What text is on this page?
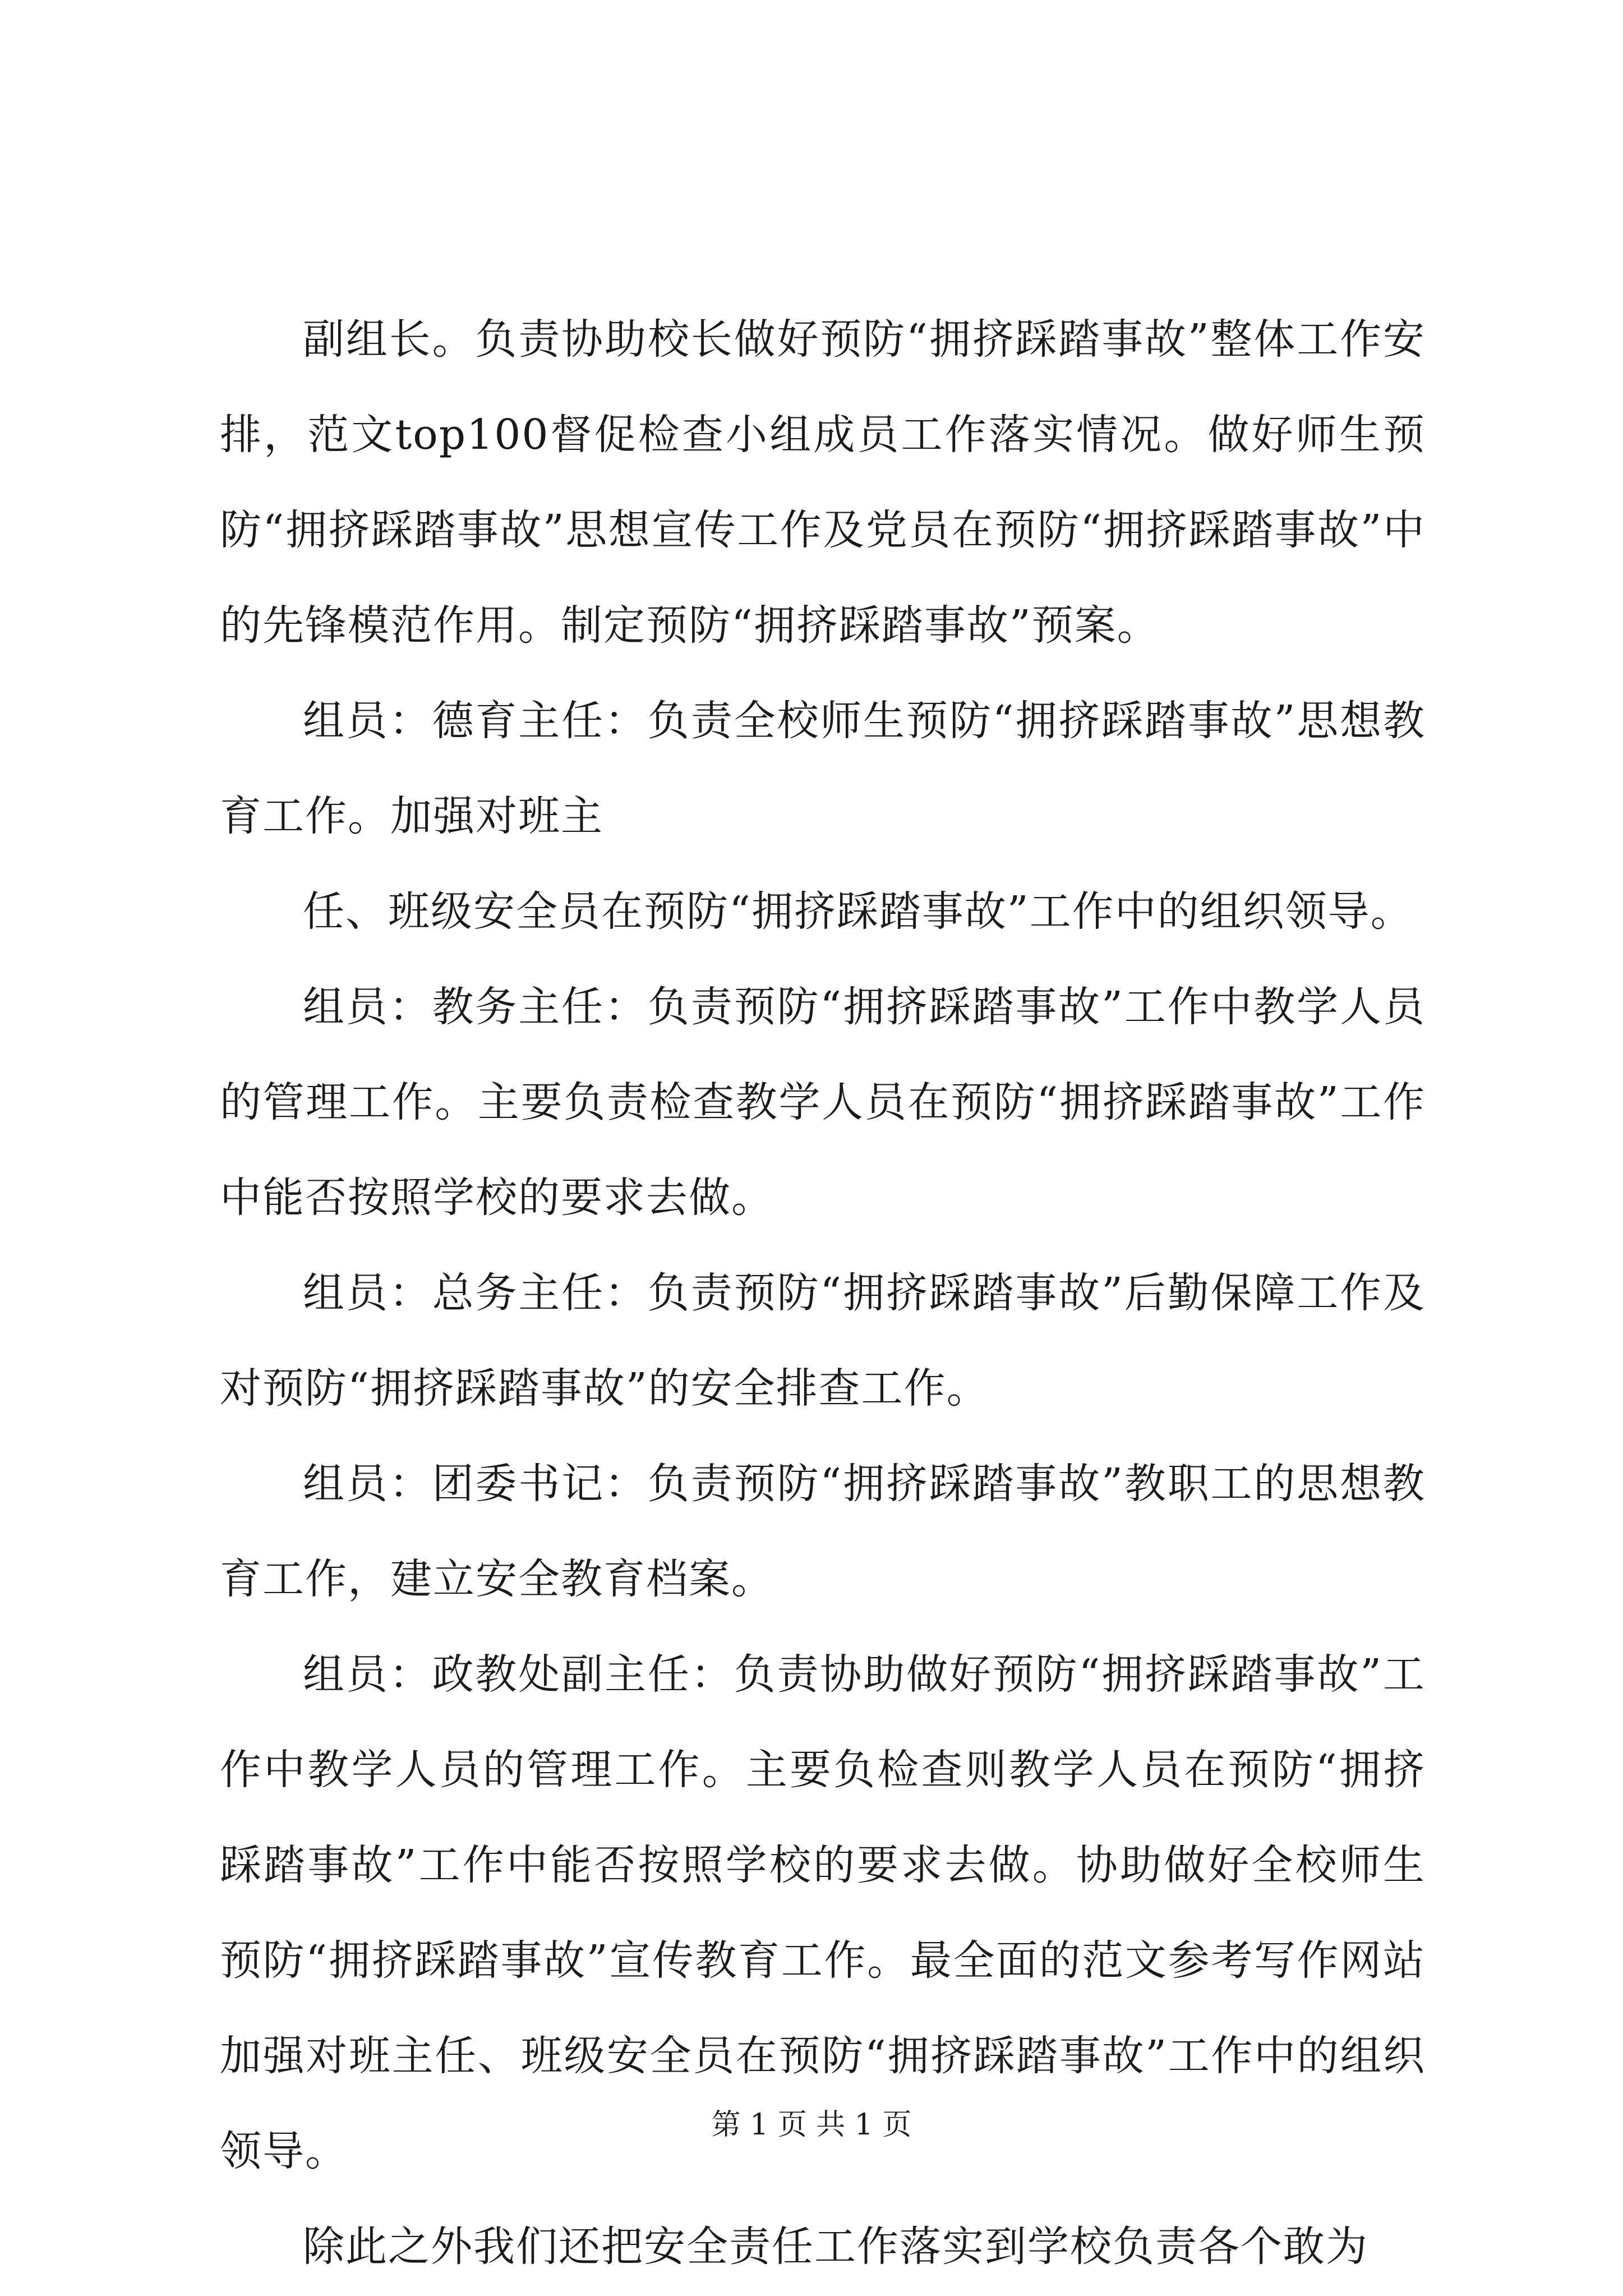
副组长。负责协助校长做好预防“拥挤踩踏事故”整体工作安排，范文top100督促检查小组成员工作落实情况。做好师生预防“拥挤踩踏事故”思想宣传工作及党员在预防“拥挤踩踏事故”中的先锋模范作用。制定预防“拥挤踩踏事故”预案。

组员：德育主任：负责全校师生预防“拥挤踩踏事故”思想教育工作。加强对班主

任、班级安全员在预防“拥挤踩踏事故”工作中的组织领导。

组员：教务主任：负责预防“拥挤踩踏事故”工作中教学人员的管理工作。主要负责检查教学人员在预防“拥挤踩踏事故”工作中能否按照学校的要求去做。

组员：总务主任：负责预防“拥挤踩踏事故”后勤保障工作及对预防“拥挤踩踏事故”的安全排查工作。

组员：团委书记：负责预防“拥挤踩踏事故”教职工的思想教育工作，建立安全教育档案。

组员：政教处副主任：负责协助做好预防“拥挤踩踏事故”工作中教学人员的管理工作。主要负检查则教学人员在预防“拥挤踩踏事故”工作中能否按照学校的要求去做。协助做好全校师生预防“拥挤踩踏事故”宣传教育工作。最全面的范文参考写作网站加强对班主任、班级安全员在预防“拥挤踩踏事故”工作中的组织领导。

除此之外我们还把安全责任工作落实到学校负责各个敢为

第 1 页 共 1 页
